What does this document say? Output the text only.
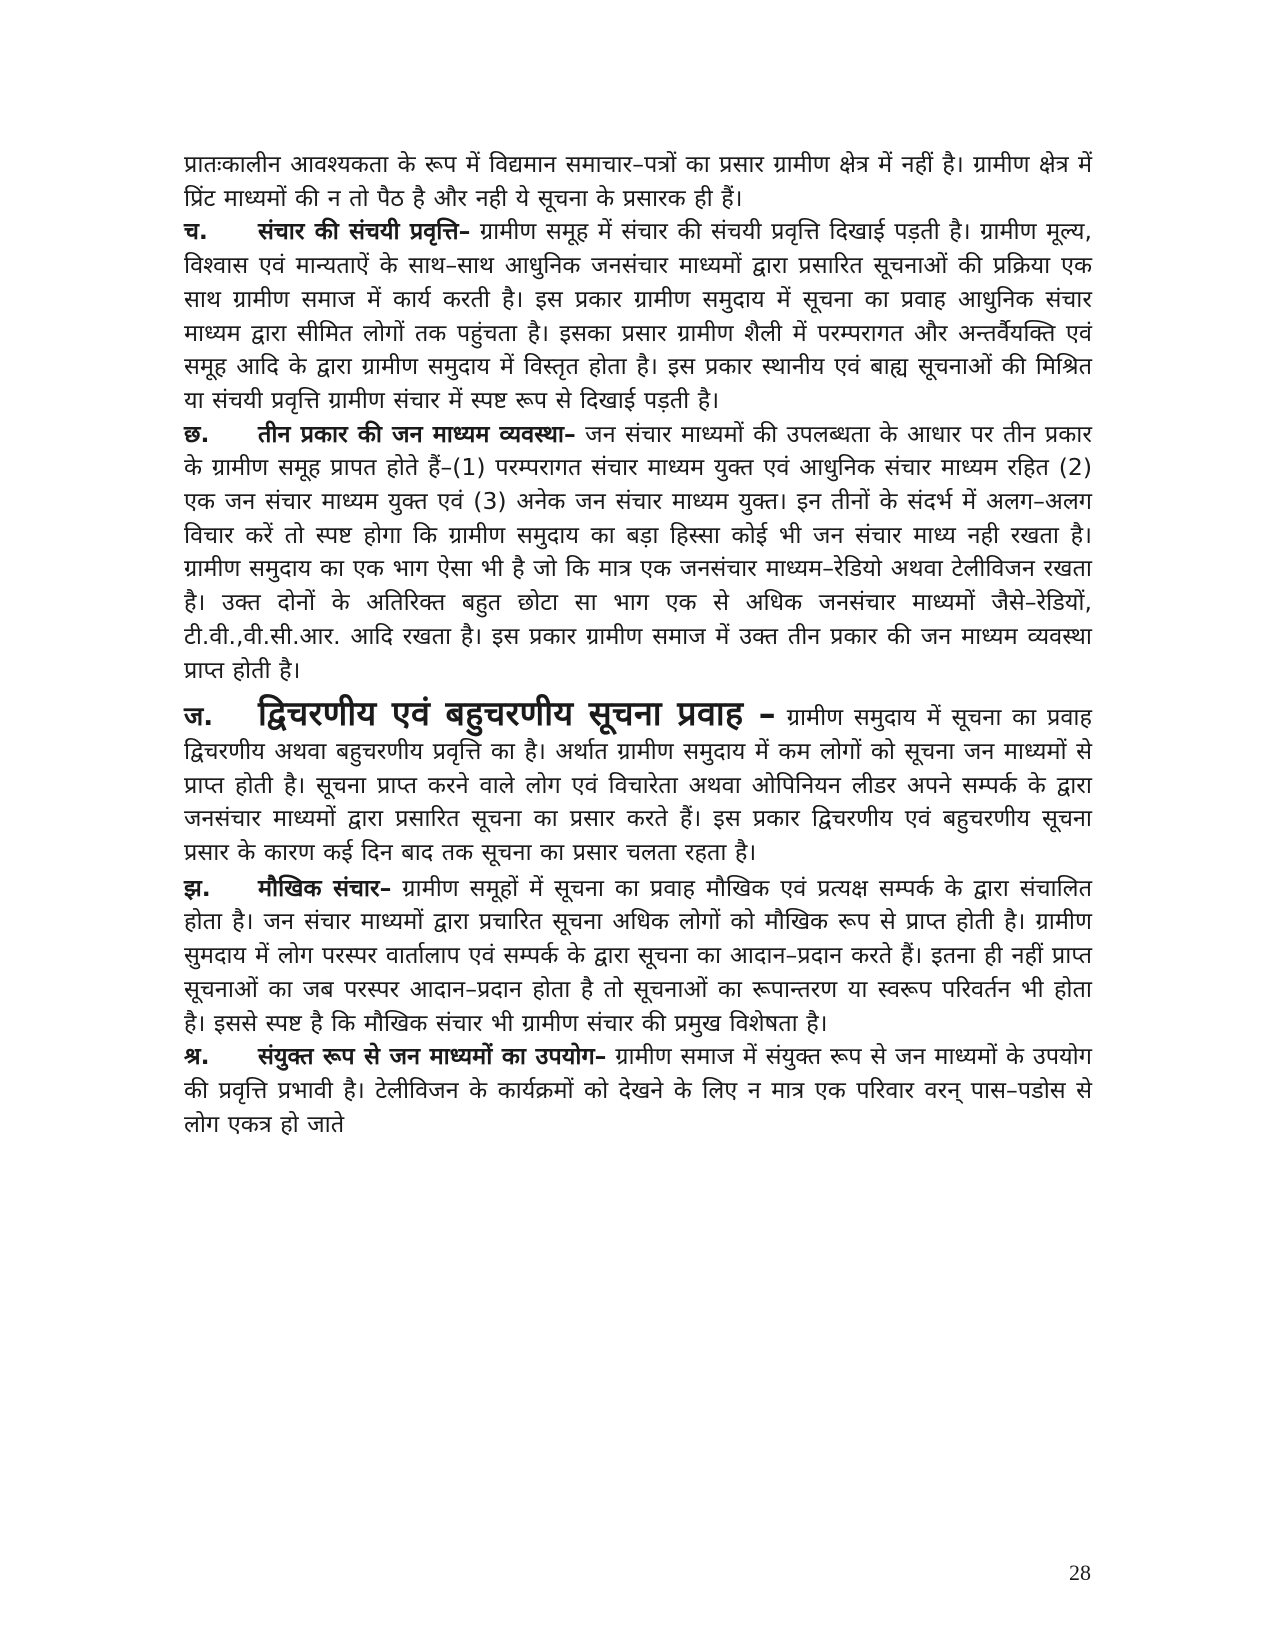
प्रातःकालीन आवश्यकता के रूप में विद्यमान समाचार–पत्रों का प्रसार ग्रामीण क्षेत्र में नहीं है। ग्रामीण क्षेत्र में प्रिंट माध्यमों की न तो पैठ है और नही ये सूचना के प्रसारक ही हैं।

च. संचार की संचयी प्रवृत्ति– ग्रामीण समूह में संचार की संचयी प्रवृत्ति दिखाई पड़ती है। ग्रामीण मूल्य, विश्वास एवं मान्यताऐं के साथ–साथ आधुनिक जनसंचार माध्यमों द्वारा प्रसारित सूचनाओं की प्रक्रिया एक साथ ग्रामीण समाज में कार्य करती है। इस प्रकार ग्रामीण समुदाय में सूचना का प्रवाह आधुनिक संचार माध्यम द्वारा सीमित लोगों तक पहुंचता है। इसका प्रसार ग्रामीण शैली में परम्परागत और अन्तर्वैयक्ति एवं समूह आदि के द्वारा ग्रामीण समुदाय में विस्तृत होता है। इस प्रकार स्थानीय एवं बाह्य सूचनाओं की मिश्रित या संचयी प्रवृत्ति ग्रामीण संचार में स्पष्ट रूप से दिखाई पड़ती है।

छ. तीन प्रकार की जन माध्यम व्यवस्था– जन संचार माध्यमों की उपलब्धता के आधार पर तीन प्रकार के ग्रामीण समूह प्रापत होते हैं–(1) परम्परागत संचार माध्यम युक्त एवं आधुनिक संचार माध्यम रहित (2) एक जन संचार माध्यम युक्त एवं (3) अनेक जन संचार माध्यम युक्त। इन तीनों के संदर्भ में अलग–अलग विचार करें तो स्पष्ट होगा कि ग्रामीण समुदाय का बड़ा हिस्सा कोई भी जन संचार माध्य नही रखता है। ग्रामीण समुदाय का एक भाग ऐसा भी है जो कि मात्र एक जनसंचार माध्यम–रेडियो अथवा टेलीविजन रखता है। उक्त दोनों के अतिरिक्त बहुत छोटा सा भाग एक से अधिक जनसंचार माध्यमों जैसे–रेडियों, टी.वी.,वी.सी.आर. आदि रखता है। इस प्रकार ग्रामीण समाज में उक्त तीन प्रकार की जन माध्यम व्यवस्था प्राप्त होती है।

ज. द्विचरणीय एवं बहुचरणीय सूचना प्रवाह – ग्रामीण समुदाय में सूचना का प्रवाह द्विचरणीय अथवा बहुचरणीय प्रवृत्ति का है। अर्थात ग्रामीण समुदाय में कम लोगों को सूचना जन माध्यमों से प्राप्त होती है। सूचना प्राप्त करने वाले लोग एवं विचारेता अथवा ओपिनियन लीडर अपने सम्पर्क के द्वारा जनसंचार माध्यमों द्वारा प्रसारित सूचना का प्रसार करते हैं। इस प्रकार द्विचरणीय एवं बहुचरणीय सूचना प्रसार के कारण कई दिन बाद तक सूचना का प्रसार चलता रहता है।

झ. मौखिक संचार– ग्रामीण समूहों में सूचना का प्रवाह मौखिक एवं प्रत्यक्ष सम्पर्क के द्वारा संचालित होता है। जन संचार माध्यमों द्वारा प्रचारित सूचना अधिक लोगों को मौखिक रूप से प्राप्त होती है। ग्रामीण सुमदाय में लोग परस्पर वार्तालाप एवं सम्पर्क के द्वारा सूचना का आदान–प्रदान करते हैं। इतना ही नहीं प्राप्त सूचनाओं का जब परस्पर आदान–प्रदान होता है तो सूचनाओं का रूपान्तरण या स्वरूप परिवर्तन भी होता है। इससे स्पष्ट है कि मौखिक संचार भी ग्रामीण संचार की प्रमुख विशेषता है।

श्र. संयुक्त रूप से जन माध्यमों का उपयोग– ग्रामीण समाज में संयुक्त रूप से जन माध्यमों के उपयोग की प्रवृत्ति प्रभावी है। टेलीविजन के कार्यक्रमों को देखने के लिए न मात्र एक परिवार वरन् पास–पडोस से लोग एकत्र हो जाते

28
